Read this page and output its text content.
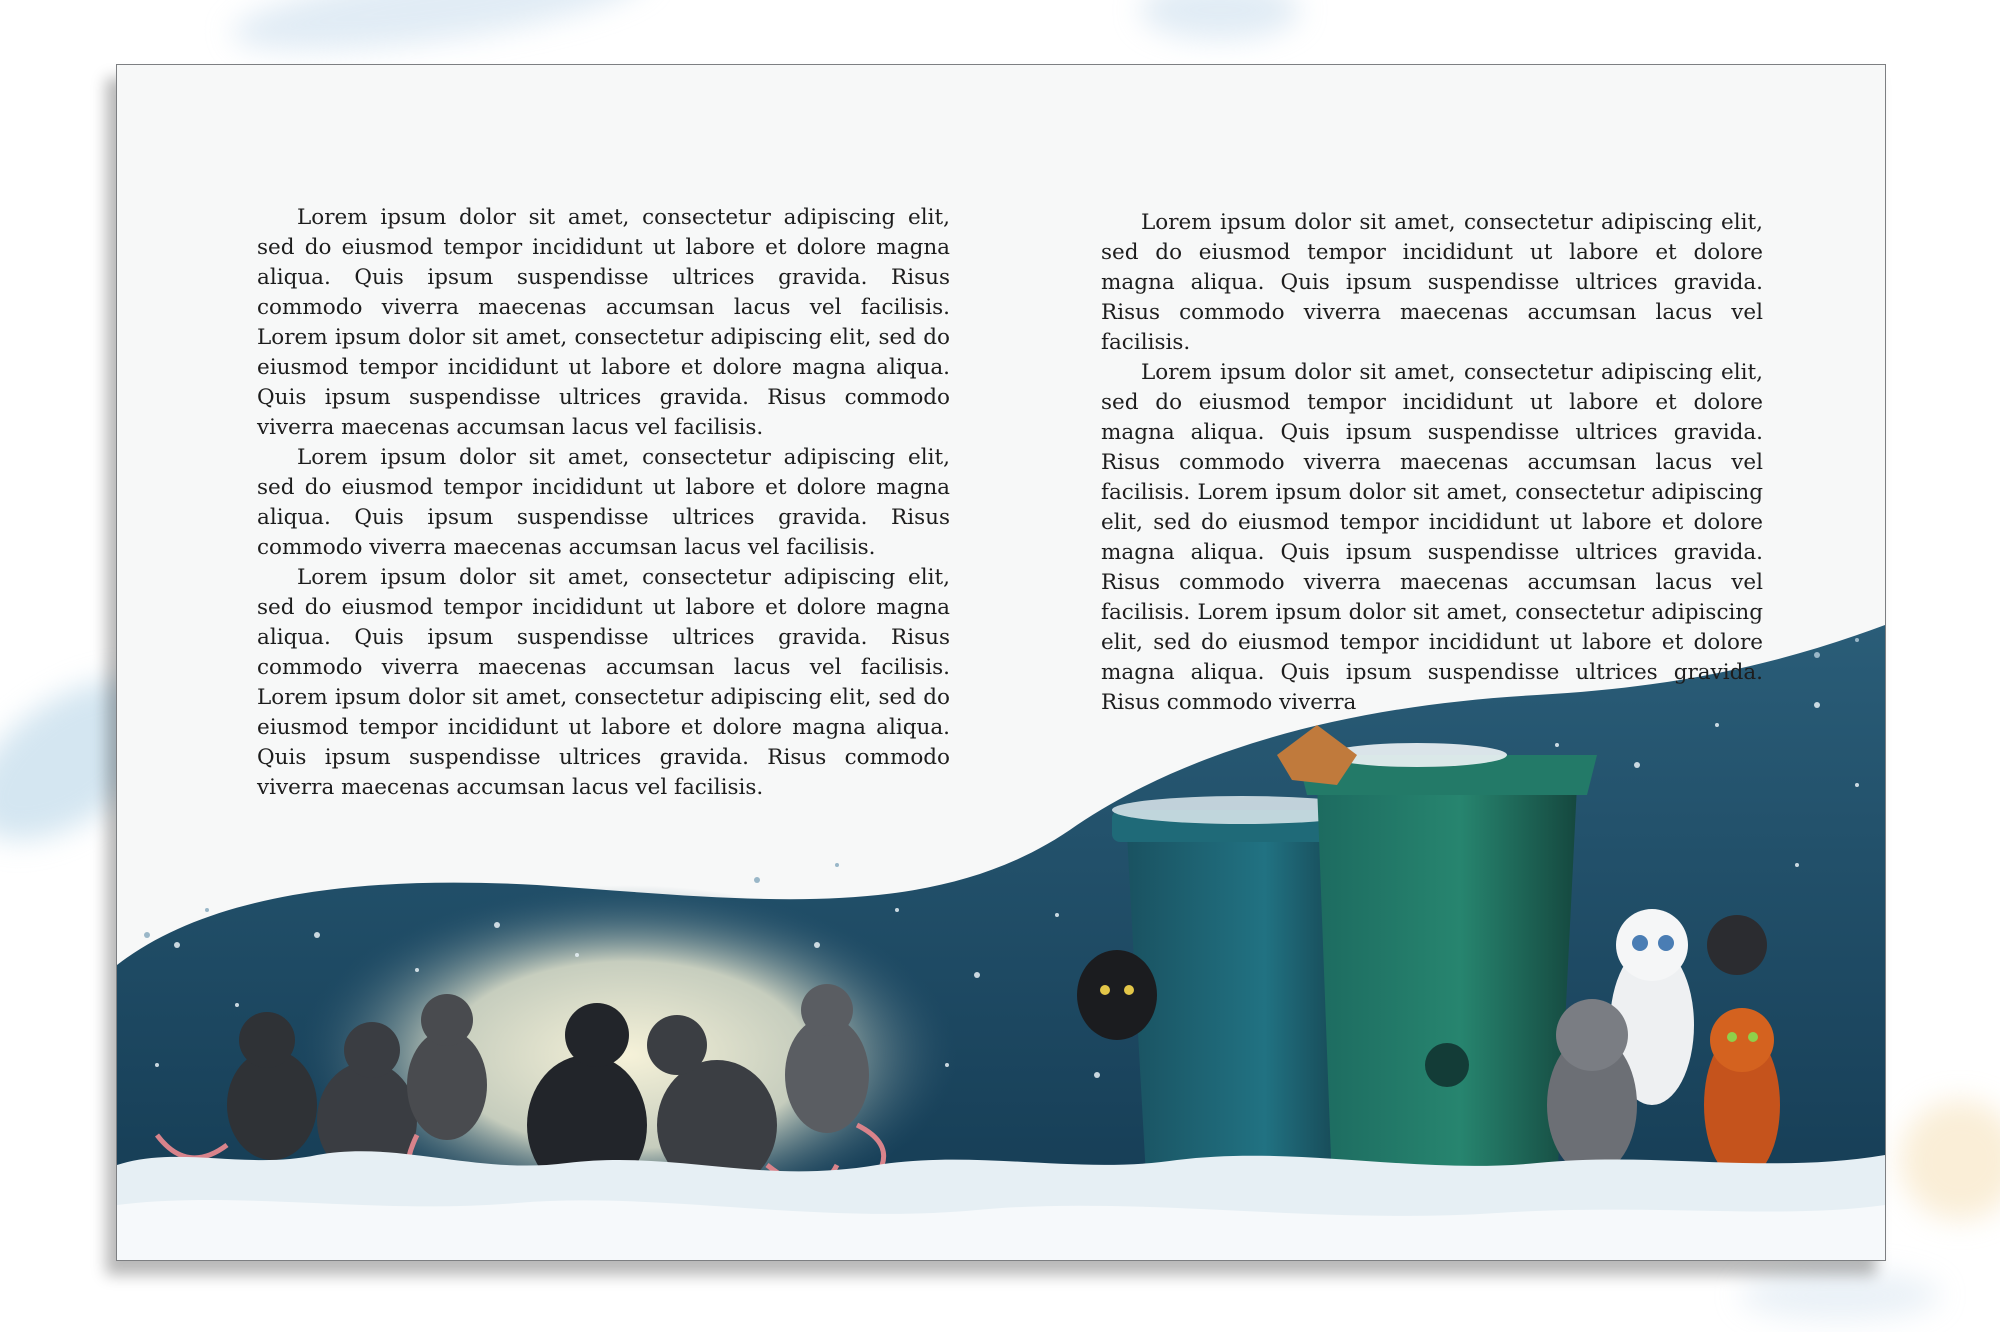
Lorem ipsum dolor sit amet, consectetur adipiscing elit, sed do eiusmod tempor incididunt ut labore et dolore magna aliqua. Quis ipsum suspendisse ultrices gravida. Risus commodo viverra maecenas accumsan lacus vel facilisis. Lorem ipsum dolor sit amet, consectetur adipiscing elit, sed do eiusmod tempor incididunt ut labore et dolore magna aliqua. Quis ipsum suspendisse ultrices gravida. Risus commodo viverra maecenas accumsan lacus vel facilisis.

Lorem ipsum dolor sit amet, consectetur adipiscing elit, sed do eiusmod tempor incididunt ut labore et dolore magna aliqua. Quis ipsum suspendisse ultrices gravida. Risus commodo viverra maecenas accumsan lacus vel facilisis.

Lorem ipsum dolor sit amet, consectetur adipiscing elit, sed do eiusmod tempor incididunt ut labore et dolore magna aliqua. Quis ipsum suspendisse ultrices gravida. Risus commodo viverra maecenas accumsan lacus vel facilisis. Lorem ipsum dolor sit amet, consectetur adipiscing elit, sed do eiusmod tempor incididunt ut labore et dolore magna aliqua. Quis ipsum suspendisse ultrices gravida. Risus commodo viverra maecenas accumsan lacus vel facilisis.

Lorem ipsum dolor sit amet, consectetur adipiscing elit, sed do eiusmod tempor incididunt ut labore et dolore magna aliqua. Quis ipsum suspendisse ultrices gravida. Risus commodo viverra maecenas accumsan lacus vel facilisis.

Lorem ipsum dolor sit amet, consectetur adipiscing elit, sed do eiusmod tempor incididunt ut labore et dolore magna aliqua. Quis ipsum suspendisse ultrices gravida. Risus commodo viverra maecenas accumsan lacus vel facilisis. Lorem ipsum dolor sit amet, consectetur adipiscing elit, sed do eiusmod tempor incididunt ut labore et dolore magna aliqua. Quis ipsum suspendisse ultrices gravida. Risus commodo viverra maecenas accumsan lacus vel facilisis. Lorem ipsum dolor sit amet, consectetur adipiscing elit, sed do eiusmod tempor incididunt ut labore et dolore magna aliqua. Quis ipsum suspendisse ultrices gravida. Risus commodo viverra
